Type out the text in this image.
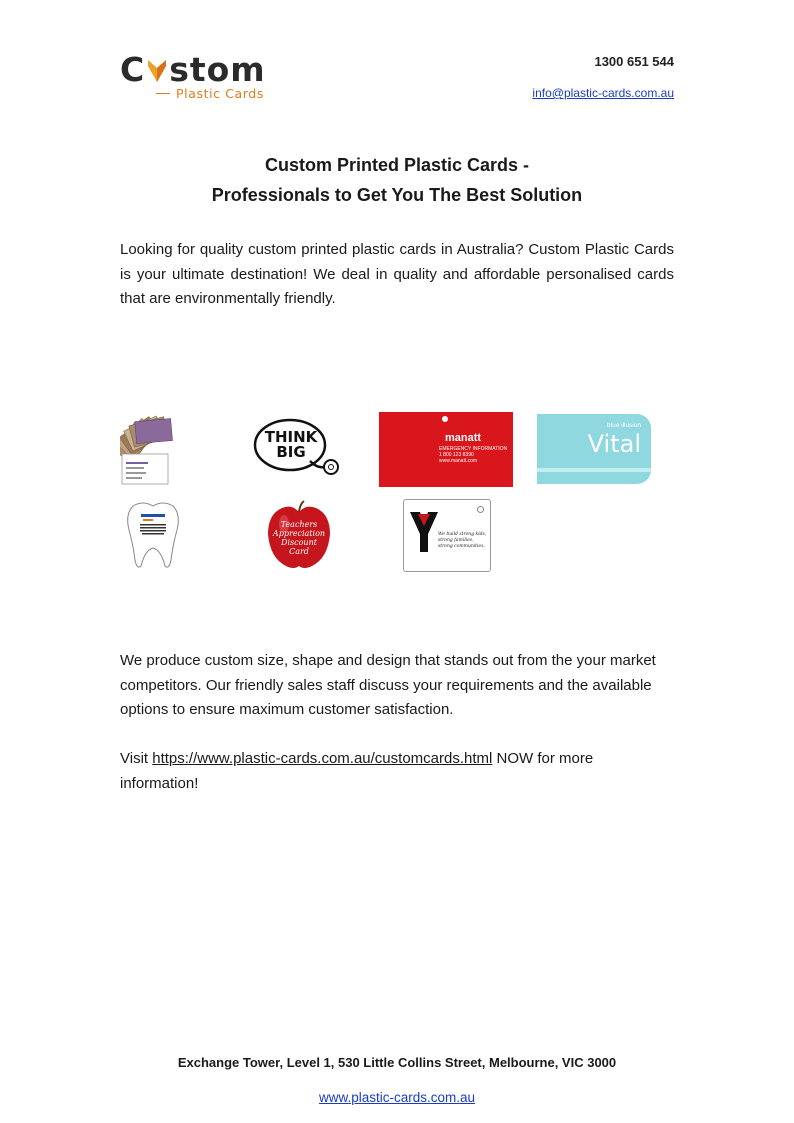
C stom
Plastic Cards
1300 651 544
info@plastic-cards.com.au
Custom Printed Plastic Cards -
Professionals to Get You The Best Solution

Looking for quality custom printed plastic cards in Australia? Custom Plastic Cards is your ultimate destination! We deal in quality and affordable personalised cards that are environmentally friendly.

THINK
BIG
manatt
EMERGENCY INFORMATION
1 800 123 8390
www.manatt.com
blue illusion
Vital
Teachers
Appreciation
Discount
Card
We build strong kids,
strong families,
strong communities.

We produce custom size, shape and design that stands out from the your market competitors. Our friendly sales staff discuss your requirements and the available options to ensure maximum customer satisfaction.

Visit https://www.plastic-cards.com.au/customcards.html NOW for more information!

Exchange Tower, Level 1, 530 Little Collins Street, Melbourne, VIC 3000
www.plastic-cards.com.au
